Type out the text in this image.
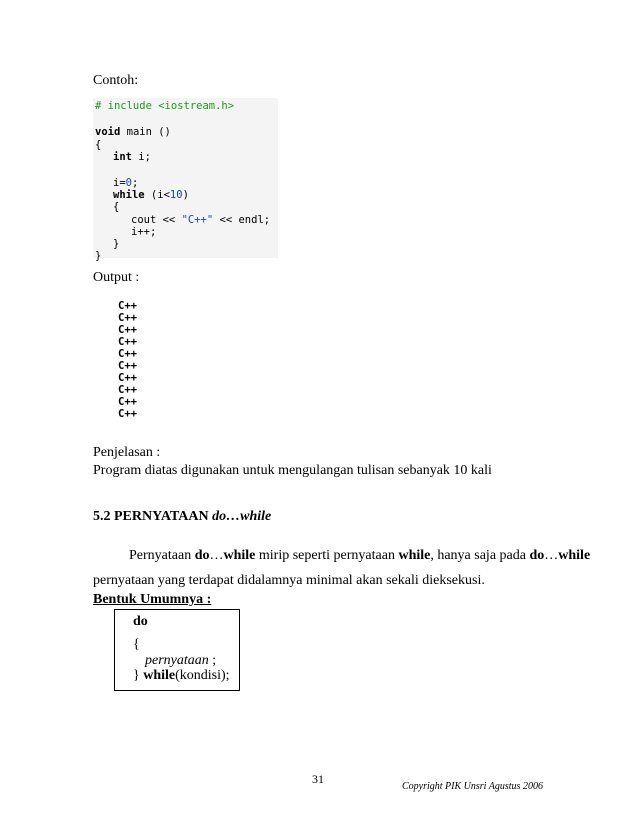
Contoh:

# include <iostream.h>

void main ()

{

int i;

i=0;

while (i<10)

{

cout << "C++" << endl;

i++;

}

}

Output :
C++
C++
C++
C++
C++
C++
C++
C++
C++
C++
Penjelasan :
Program diatas digunakan untuk mengulangan tulisan sebanyak 10 kali
5.2 PERNYATAAN do…while
Pernyataan do…while mirip seperti pernyataan while, hanya saja pada do…while
pernyataan yang terdapat didalamnya minimal akan sekali dieksekusi.
Bentuk Umumnya :
do
{
pernyataan ;
} while(kondisi);
31
Copyright PIK Unsri Agustus 2006
